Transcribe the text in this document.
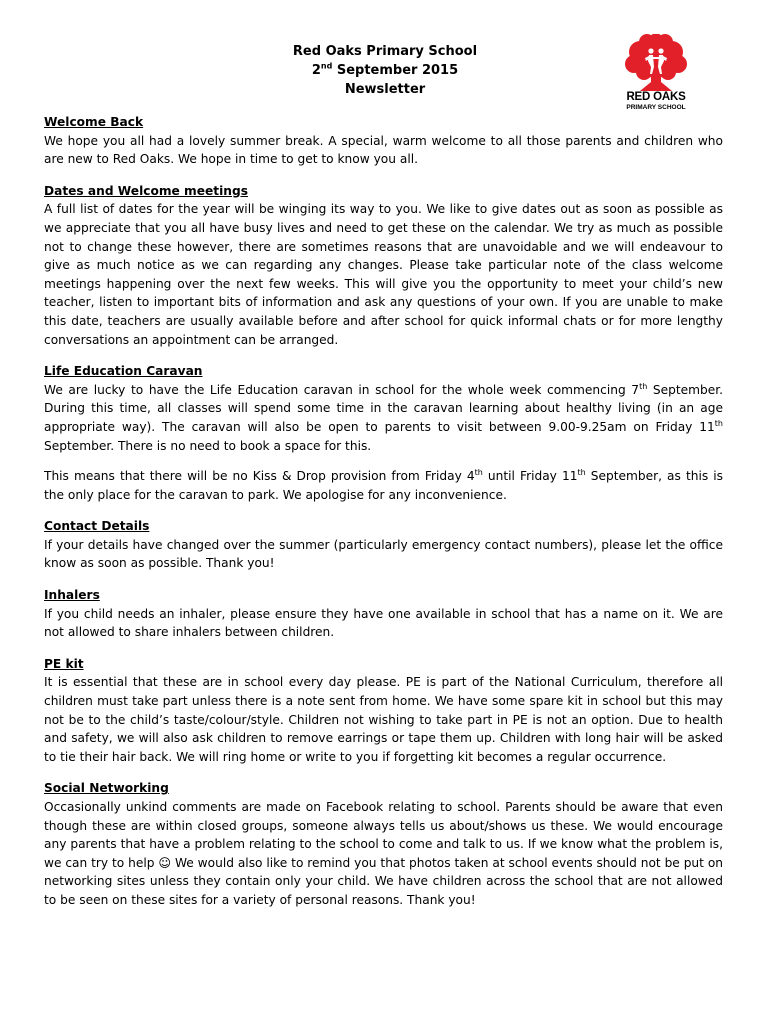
Red Oaks Primary School
2nd September 2015
Newsletter	RED OAKS
PRIMARY SCHOOL
Welcome Back

We hope you all had a lovely summer break. A special, warm welcome to all those parents and children who are new to Red Oaks. We hope in time to get to know you all.

Dates and Welcome meetings

A full list of dates for the year will be winging its way to you. We like to give dates out as soon as possible as we appreciate that you all have busy lives and need to get these on the calendar. We try as much as possible not to change these however, there are sometimes reasons that are unavoidable and we will endeavour to give as much notice as we can regarding any changes. Please take particular note of the class welcome meetings happening over the next few weeks. This will give you the opportunity to meet your child’s new teacher, listen to important bits of information and ask any questions of your own. If you are unable to make this date, teachers are usually available before and after school for quick informal chats or for more lengthy conversations an appointment can be arranged.

Life Education Caravan

We are lucky to have the Life Education caravan in school for the whole week commencing 7th September. During this time, all classes will spend some time in the caravan learning about healthy living (in an age appropriate way). The caravan will also be open to parents to visit between 9.00-9.25am on Friday 11th September. There is no need to book a space for this.

This means that there will be no Kiss & Drop provision from Friday 4th until Friday 11th September, as this is the only place for the caravan to park. We apologise for any inconvenience.

Contact Details

If your details have changed over the summer (particularly emergency contact numbers), please let the office know as soon as possible. Thank you!

Inhalers

If you child needs an inhaler, please ensure they have one available in school that has a name on it. We are not allowed to share inhalers between children.

PE kit

It is essential that these are in school every day please. PE is part of the National Curriculum, therefore all children must take part unless there is a note sent from home. We have some spare kit in school but this may not be to the child’s taste/colour/style. Children not wishing to take part in PE is not an option. Due to health and safety, we will also ask children to remove earrings or tape them up. Children with long hair will be asked to tie their hair back. We will ring home or write to you if forgetting kit becomes a regular occurrence.

Social Networking

Occasionally unkind comments are made on Facebook relating to school. Parents should be aware that even though these are within closed groups, someone always tells us about/shows us these. We would encourage any parents that have a problem relating to the school to come and talk to us. If we know what the problem is, we can try to help ☺ We would also like to remind you that photos taken at school events should not be put on networking sites unless they contain only your child. We have children across the school that are not allowed to be seen on these sites for a variety of personal reasons. Thank you!
